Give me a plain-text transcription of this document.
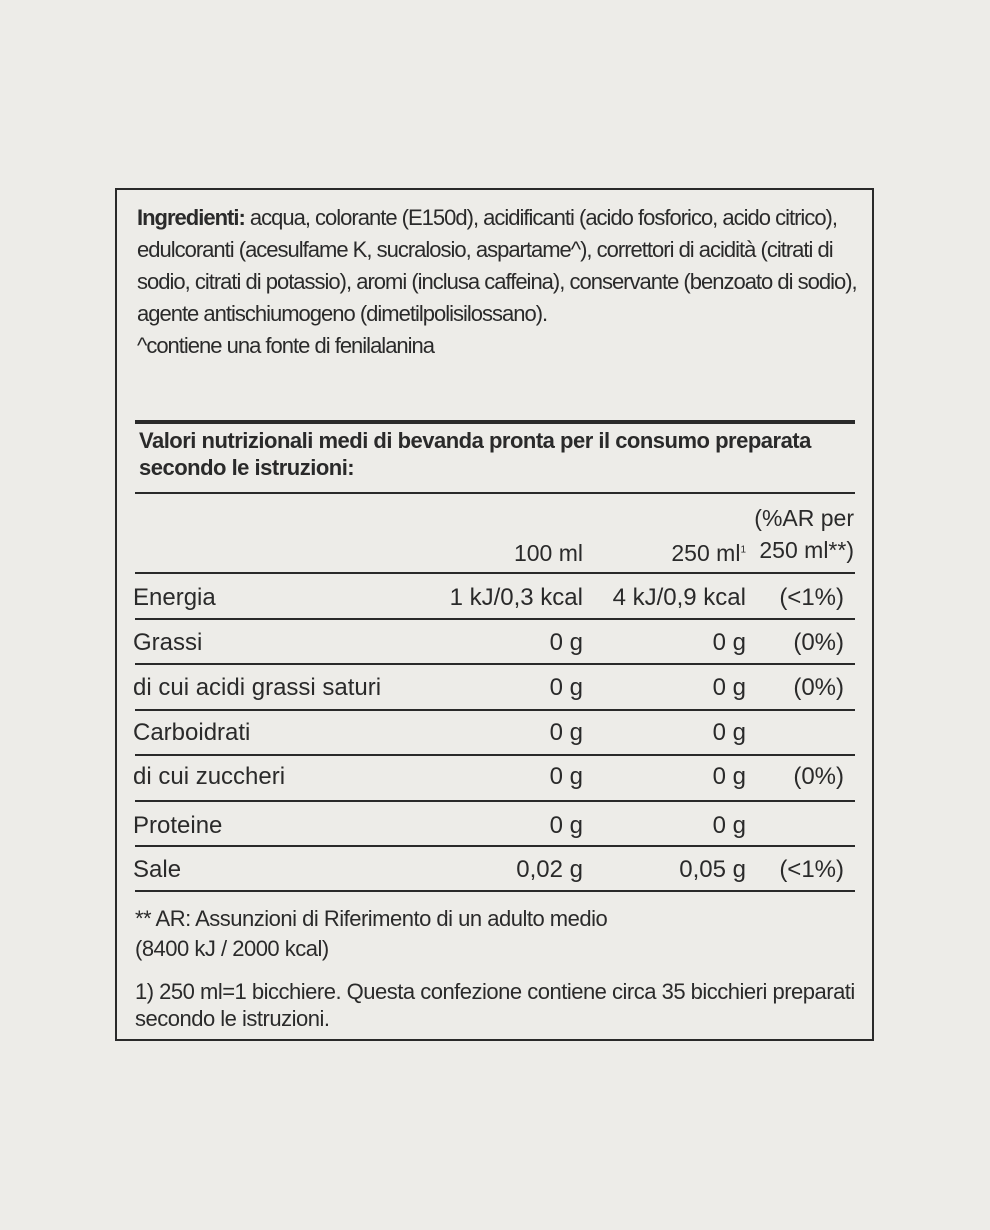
Ingredienti: acqua, colorante (E150d), acidificanti (acido fosforico, acido citrico), edulcoranti (acesulfame K, sucralosio, aspartame^), correttori di acidità (citrati di sodio, citrati di potassio), aromi (inclusa caffeina), conservante (benzoato di sodio), agente antischiumogeno (dimetilpolisilossano).
^contiene una fonte di fenilalanina

Valori nutrizionali medi di bevanda pronta per il consumo preparata secondo le istruzioni:

100 ml	250 $ml^1$
(%AR per 250 ml**)
Energia	1 kJ/0,3 kcal 4 kJ/0,9 kcal (<1%)
Grassi	0 g	0 g (0%)
di cui acidi grassi saturi	0 g	0 g (0%)
Carboidrati	0 g	0 g
di cui zuccheri	0 g	0 g (0%)
Proteine	0 g	0 g
Sale	0,02 g	0,05 g (<1%)

** AR: Assunzioni di Riferimento di un adulto medio
(8400 kJ / 2000 kcal)

1) 250 ml=1 bicchiere. Questa confezione contiene circa 35 bicchieri preparati secondo le istruzioni.
